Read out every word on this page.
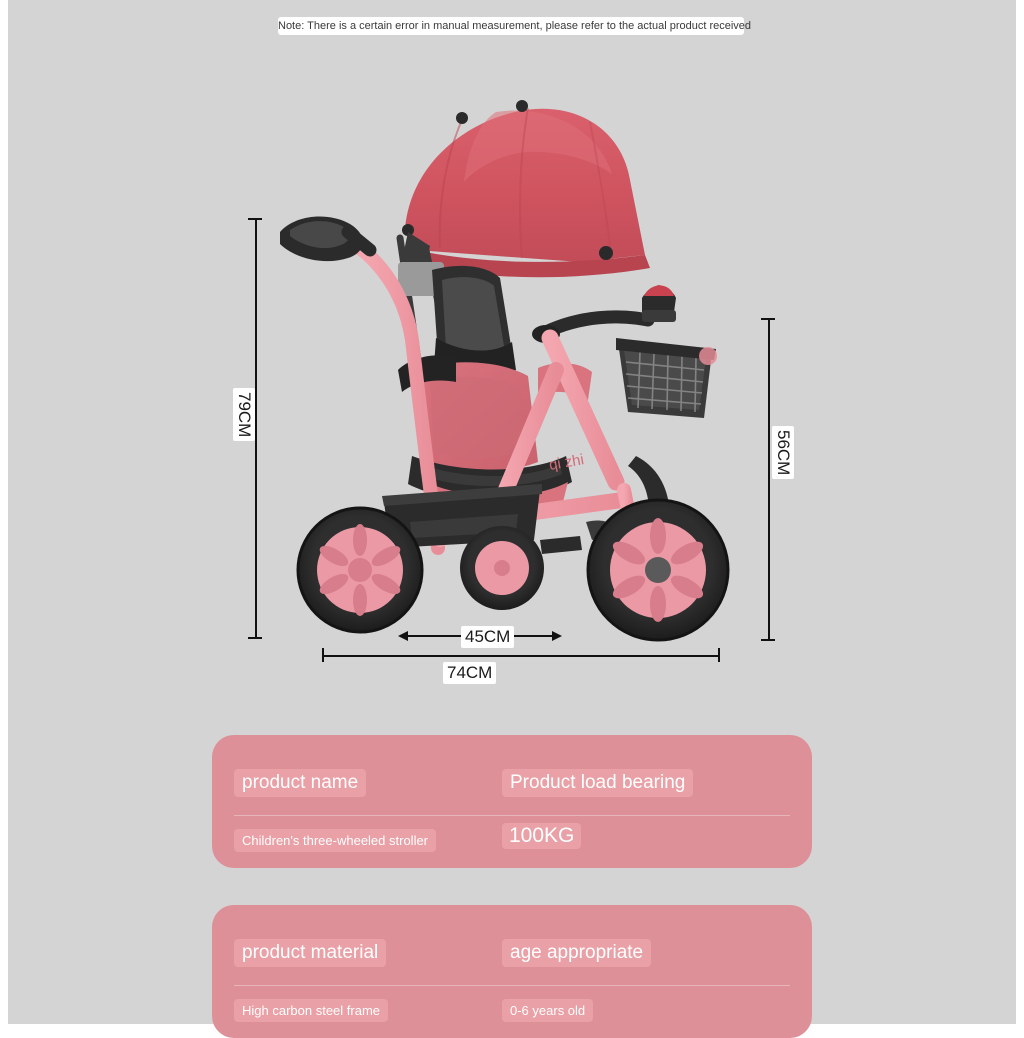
Note: There is a certain error in manual measurement, please refer to the actual product received
qi zhi
79CM
56CM
45CM
74CM
product name	Product load bearing
Children's three-wheeled stroller	100KG
product material	age appropriate
High carbon steel frame	0-6 years old
